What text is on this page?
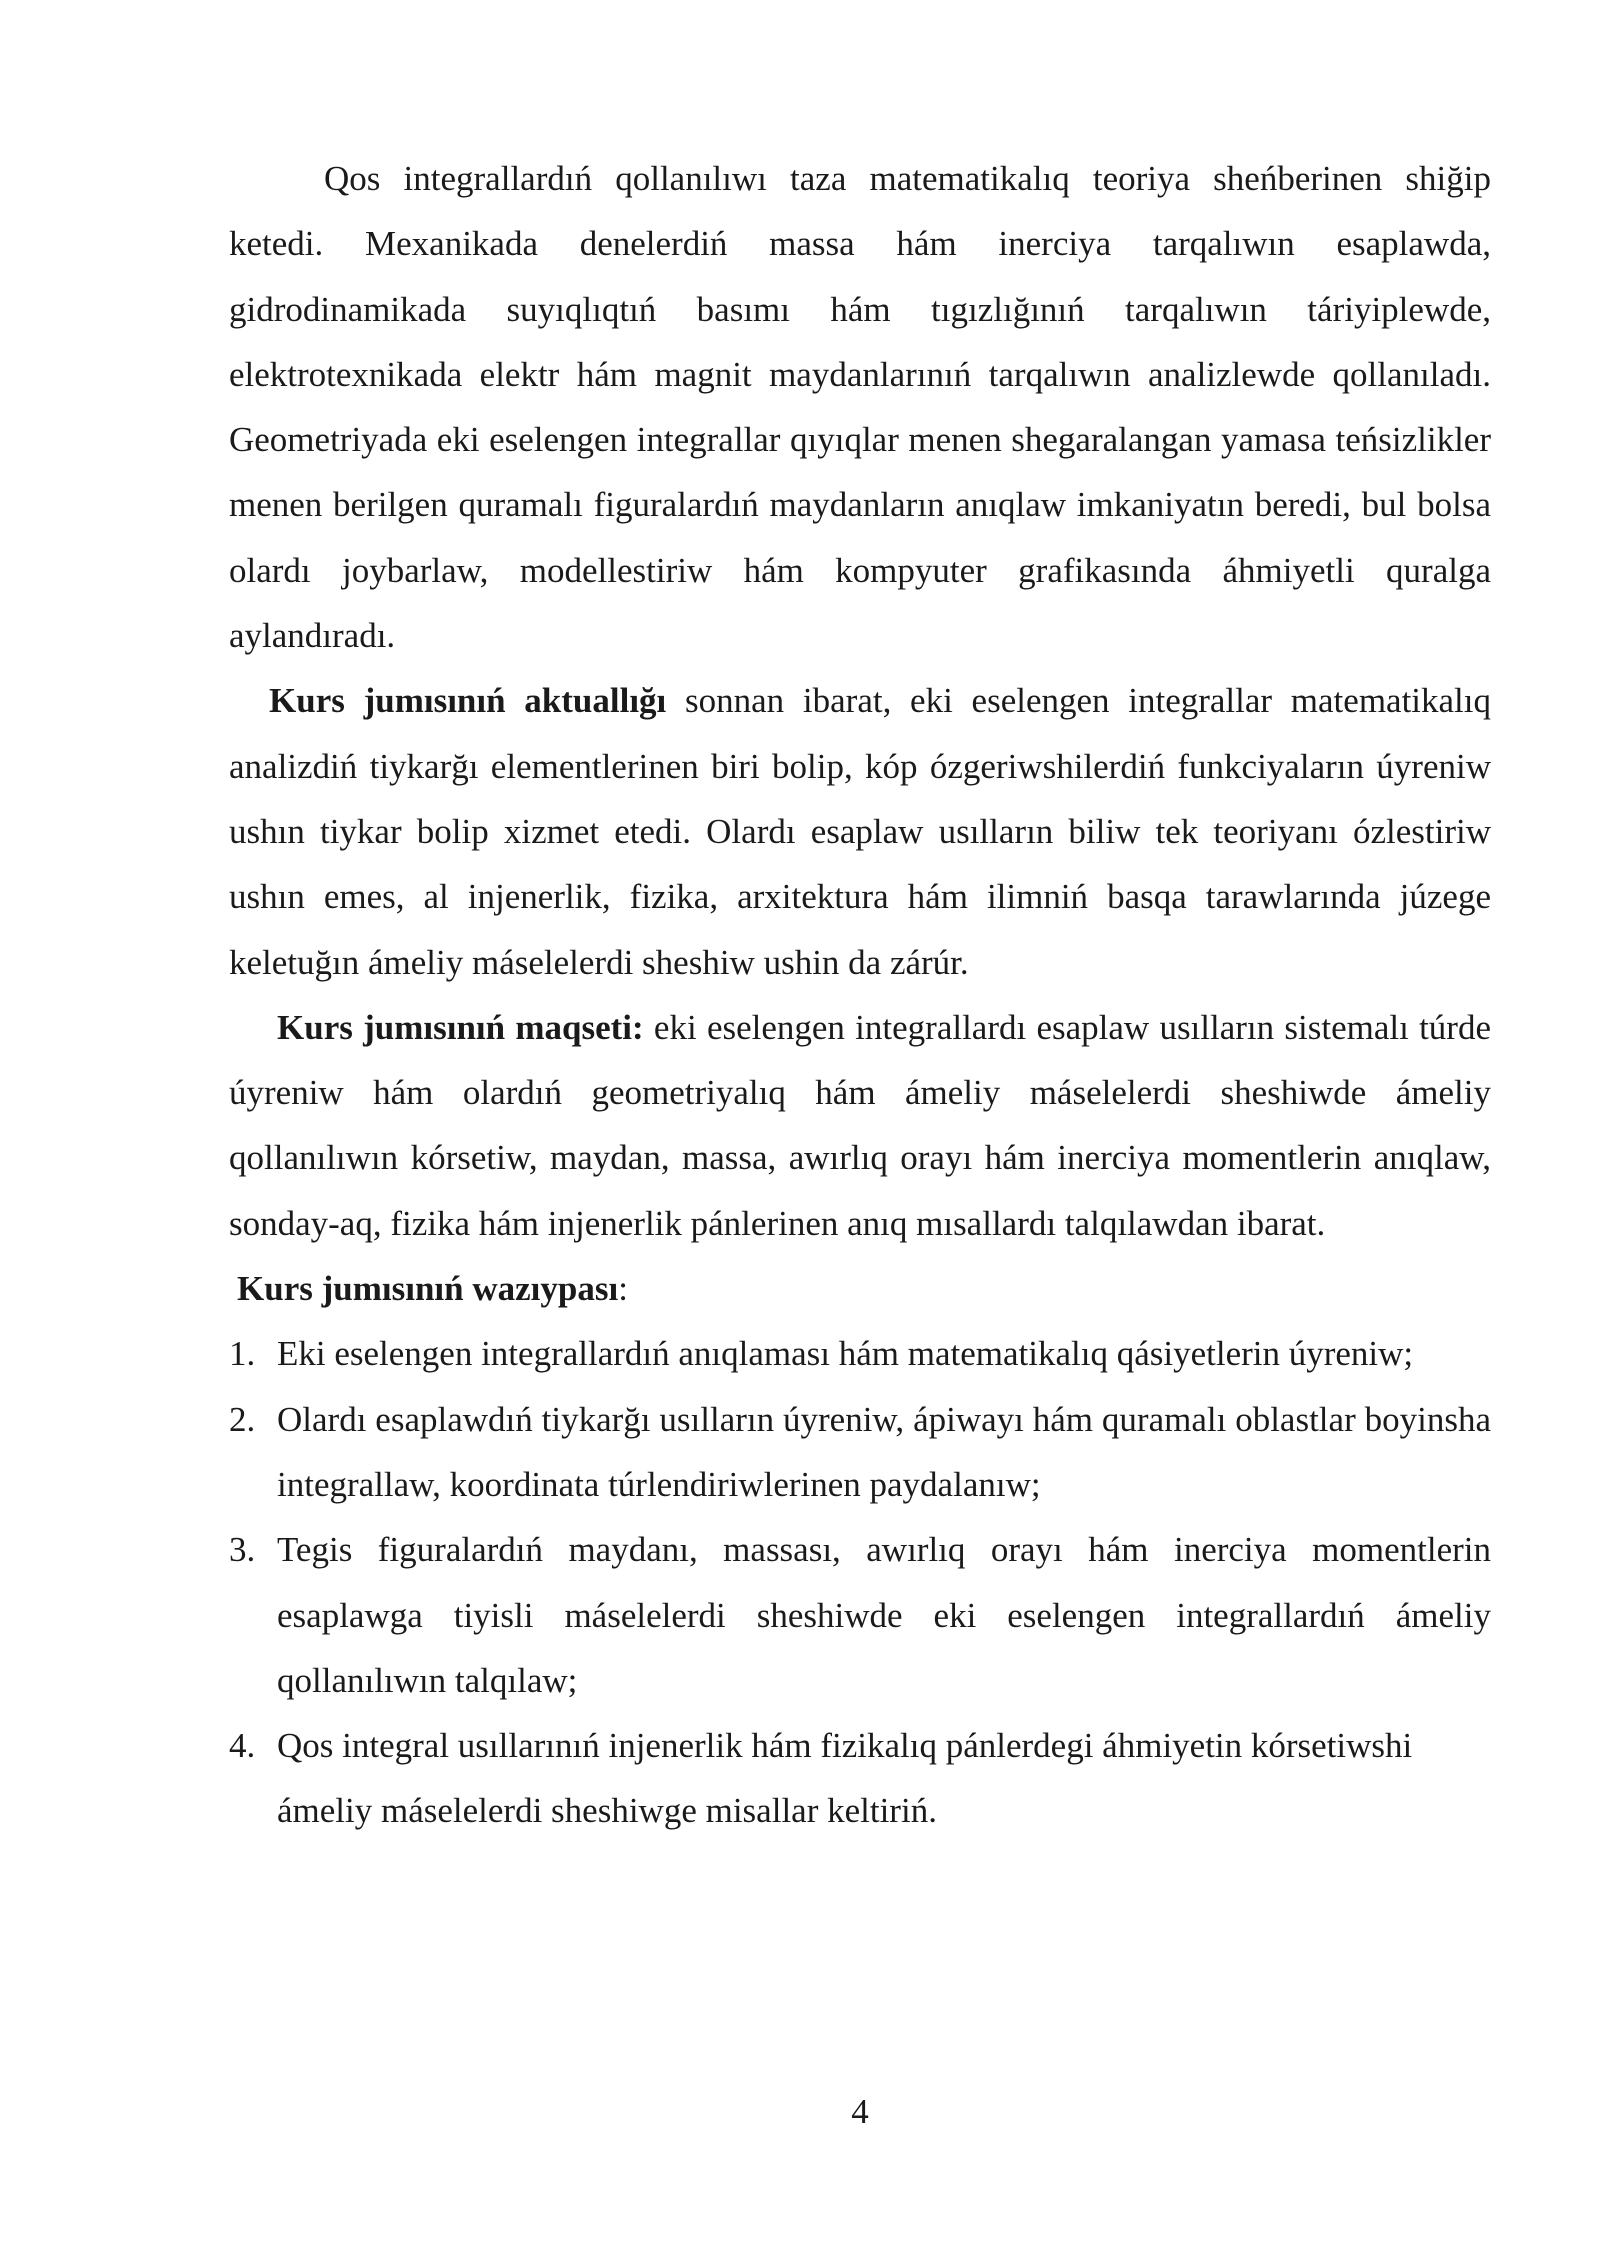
Qos integrallardıń qollanılıwı taza matematikalıq teoriya sheńberinen shiğip ketedi. Mexanikada denelerdiń massa hám inerciya tarqalıwın esaplawda, gidrodinamikada suyıqlıqtıń basımı hám tıgızlığınıń tarqalıwın táriyiplewde, elektrotexnikada elektr hám magnit maydanlarınıń tarqalıwın analizlewde qollanıladı. Geometriyada eki eselengen integrallar qıyıqlar menen shegaralangan yamasa teńsizlikler menen berilgen quramalı figuralardıń maydanların anıqlaw imkaniyatın beredi, bul bolsa olardı joybarlaw, modellestiriw hám kompyuter grafikasında áhmiyetli quralga aylandıradı.

Kurs jumısınıń aktuallığı sonnan ibarat, eki eselengen integrallar matematikalıq analizdiń tiykarğı elementlerinen biri bolip, kóp ózgeriwshilerdiń funkciyaların úyreniw ushın tiykar bolip xizmet etedi. Olardı esaplaw usılların biliw tek teoriyanı ózlestiriw ushın emes, al injenerlik, fizika, arxitektura hám ilimniń basqa tarawlarında júzege keletuğın ámeliy máselelerdi sheshiw ushin da zárúr.

Kurs jumısınıń maqseti: eki eselengen integrallardı esaplaw usılların sistemalı túrde úyreniw hám olardıń geometriyalıq hám ámeliy máselelerdi sheshiwde ámeliy qollanılıwın kórsetiw, maydan, massa, awırlıq orayı hám inerciya momentlerin anıqlaw, sonday-aq, fizika hám injenerlik pánlerinen anıq mısallardı talqılawdan ibarat.

Kurs jumısınıń wazıypası:

1. Eki eselengen integrallardıń anıqlaması hám matematikalıq qásiyetlerin úyreniw;
2. Olardı esaplawdıń tiykarğı usılların úyreniw, ápiwayı hám quramalı oblastlar boyinsha integrallaw, koordinata túrlendiriwlerinen paydalanıw;
3. Tegis figuralardıń maydanı, massası, awırlıq orayı hám inerciya momentlerin esaplawga tiyisli máselelerdi sheshiwde eki eselengen integrallardıń ámeliy qollanılıwın talqılaw;
4. Qos integral usıllarınıń injenerlik hám fizikalıq pánlerdegi áhmiyetin kórsetiwshi
ámeliy máselelerdi sheshiwge misallar keltiriń.
4
